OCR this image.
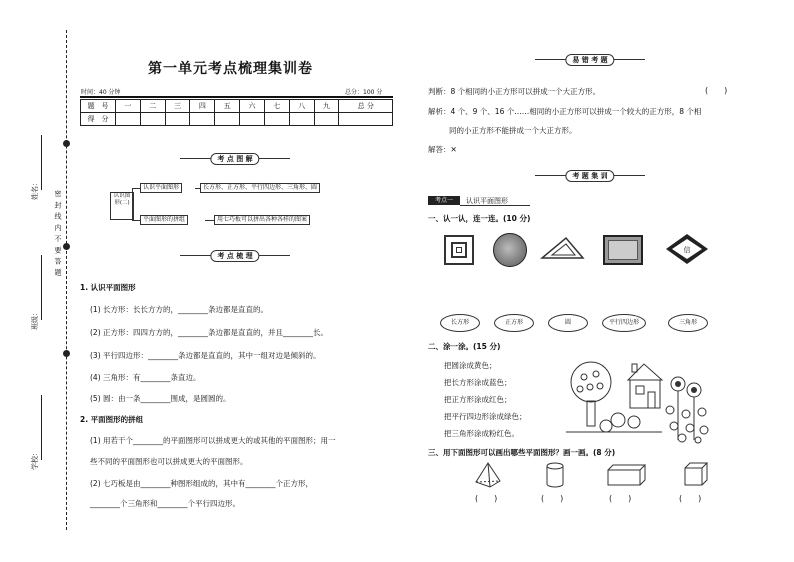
密 封 线 内 不 要 答 题
姓名：
班级：
学校：
第一单元考点梳理集训卷
时间：40 分钟	总分：100 分
题　号	一	二	三	四	五	六	七	八	九	总 分
得　分										
考 点 图 解
认识图形(二)
认识平面图形	长方形、正方形、平行四边形、三角形、圆
平面图形的拼组	用七巧板可以拼出各种各样的图案
考 点 梳 理
1. 认识平面图形
(1) 长方形：长长方方的，________条边都是直直的。
(2) 正方形：四四方方的，________条边都是直直的，并且________长。
(3) 平行四边形：________条边都是直直的，其中一组对边是倾斜的。
(4) 三角形：有________条直边。
(5) 圆：由一条________围成，是圆圆的。
2. 平面图形的拼组
(1) 用若干个________的平面图形可以拼成更大的或其他的平面图形；用一
些不同的平面图形也可以拼成更大的平面图形。
(2) 七巧板是由________种图形组成的，其中有________个正方形，
________个三角形和________个平行四边形。
易 错 考 题
判断：8 个相同的小正方形可以拼成一个大正方形。	(　　)
解析：4 个、9 个、16 个……相同的小正方形可以拼成一个较大的正方形，8 个相
同的小正方形不能拼成一个大正方形。
解答：✕
考 题 集 训
考点一	认识平面图形
一、认一认，连一连。(10 分)
信
长方形	正方形	圆	平行四边形	三角形
二、涂一涂。(15 分)
把圆涂成黄色；
把长方形涂成蓝色；
把正方形涂成红色；
把平行四边形涂成绿色；
把三角形涂成粉红色。
三、用下面图形可以画出哪些平面图形？画一画。(8 分)
(　　)	(　　)	(　　)	(　　)
